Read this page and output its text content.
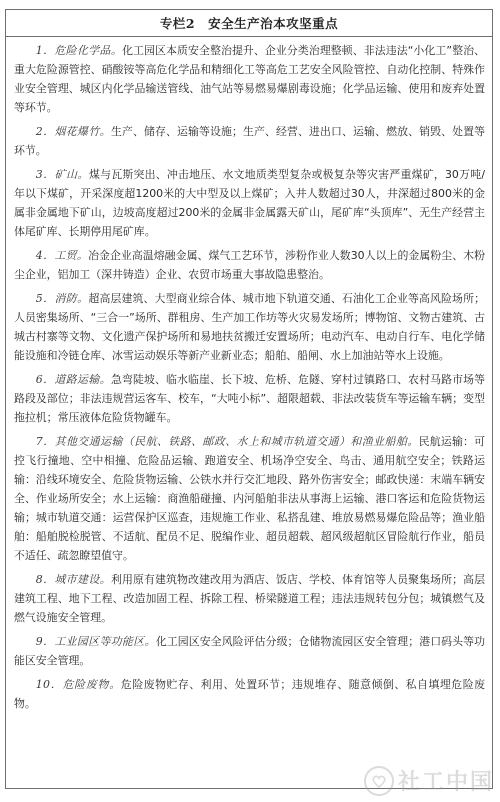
专栏2　安全生产治本攻坚重点

1．危险化学品。化工园区本质安全整治提升、企业分类治理整顿、非法违法“小化工”整治、重大危险源管控、硝酸铵等高危化学品和精细化工等高危工艺安全风险管控、自动化控制、特殊作业安全管理、城区内化学品输送管线、油气站等易燃易爆剧毒设施；化学品运输、使用和废弃处置等环节。

2．烟花爆竹。生产、储存、运输等设施；生产、经营、进出口、运输、燃放、销毁、处置等环节。

3．矿山。煤与瓦斯突出、冲击地压、水文地质类型复杂或极复杂等灾害严重煤矿，30万吨/年以下煤矿，开采深度超1200米的大中型及以上煤矿；入井人数超过30人，井深超过800米的金属非金属地下矿山，边坡高度超过200米的金属非金属露天矿山，尾矿库“头顶库”、无生产经营主体尾矿库、长期停用尾矿库。

4．工贸。冶金企业高温熔融金属、煤气工艺环节，涉粉作业人数30人以上的金属粉尘、木粉尘企业，铝加工（深井铸造）企业、农贸市场重大事故隐患整治。

5．消防。超高层建筑、大型商业综合体、城市地下轨道交通、石油化工企业等高风险场所；人员密集场所、“三合一”场所、群租房、生产加工作坊等火灾易发场所；博物馆、文物古建筑、古城古村寨等文物、文化遗产保护场所和易地扶贫搬迁安置场所；电动汽车、电动自行车、电化学储能设施和冷链仓库、冰雪运动娱乐等新产业新业态；船舶、船闸、水上加油站等水上设施。

6．道路运输。急弯陡坡、临水临崖、长下坡、危桥、危隧、穿村过镇路口、农村马路市场等路段及部位；非法违规营运客车、校车，“大吨小标”、超限超载、非法改装货车等运输车辆；变型拖拉机；常压液体危险货物罐车。

7．其他交通运输（民航、铁路、邮政、水上和城市轨道交通）和渔业船舶。民航运输：可控飞行撞地、空中相撞、危险品运输、跑道安全、机场净空安全、鸟击、通用航空安全；铁路运输：沿线环境安全、危险货物运输、公铁水并行交汇地段、路外伤害安全；邮政快递：末端车辆安全、作业场所安全；水上运输：商渔船碰撞、内河船舶非法从事海上运输、港口客运和危险货物运输；城市轨道交通：运营保护区巡查，违规施工作业、私搭乱建、堆放易燃易爆危险品等；渔业船舶：船舶脱检脱管、不适航、配员不足、脱编作业、超员超载、超风级超航区冒险航行作业，船员不适任、疏忽瞭望值守。

8．城市建设。利用原有建筑物改建改用为酒店、饭店、学校、体育馆等人员聚集场所；高层建筑工程、地下工程、改造加固工程、拆除工程、桥梁隧道工程；违法违规转包分包；城镇燃气及燃气设施安全管理。

9．工业园区等功能区。化工园区安全风险评估分级；仓储物流园区安全管理；港口码头等功能区安全管理。

10．危险废物。危险废物贮存、利用、处置环节；违规堆存、随意倾倒、私自填埋危险废物。

社工中国
